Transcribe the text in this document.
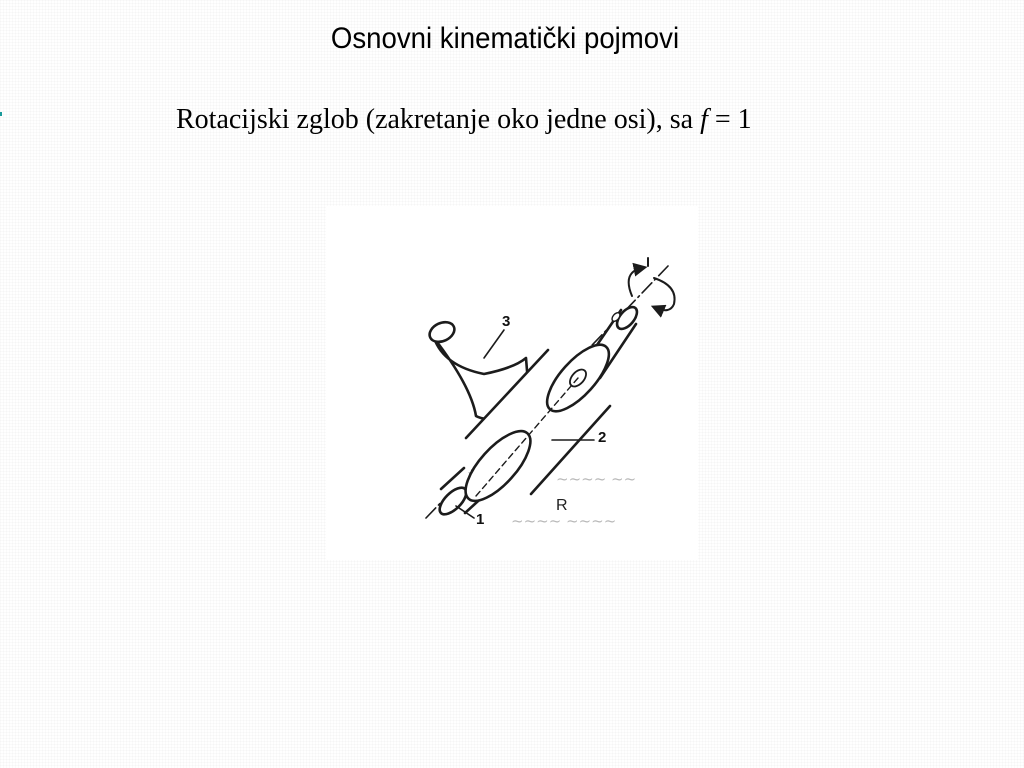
Osnovni kinematički pojmovi
Rotacijski zglob (zakretanje oko jedne osi), sa f = 1
~~~~ ~~~~
~~~~ ~~
3
2
1
R
